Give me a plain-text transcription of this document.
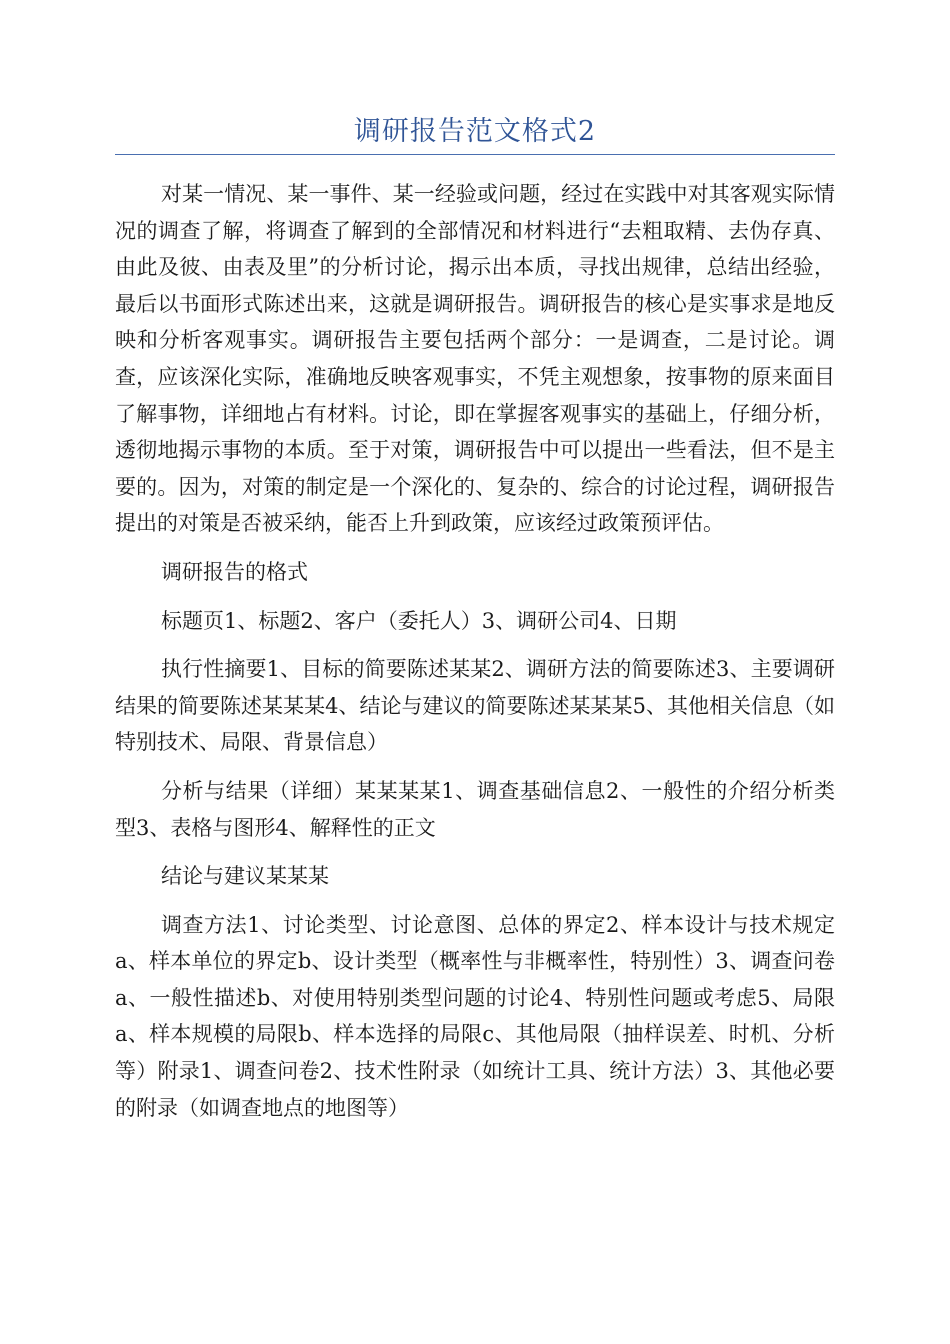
调研报告范文格式2

对某一情况、某一事件、某一经验或问题，经过在实践中对其客观实际情况的调查了解，将调查了解到的全部情况和材料进行“去粗取精、去伪存真、由此及彼、由表及里”的分析讨论，揭示出本质，寻找出规律，总结出经验，最后以书面形式陈述出来，这就是调研报告。调研报告的核心是实事求是地反映和分析客观事实。调研报告主要包括两个部分：一是调查，二是讨论。调查，应该深化实际，准确地反映客观事实，不凭主观想象，按事物的原来面目了解事物，详细地占有材料。讨论，即在掌握客观事实的基础上，仔细分析，透彻地揭示事物的本质。至于对策，调研报告中可以提出一些看法，但不是主要的。因为，对策的制定是一个深化的、复杂的、综合的讨论过程，调研报告提出的对策是否被采纳，能否上升到政策，应该经过政策预评估。

调研报告的格式

标题页1、标题2、客户（委托人）3、调研公司4、日期

执行性摘要1、目标的简要陈述某某2、调研方法的简要陈述3、主要调研结果的简要陈述某某某4、结论与建议的简要陈述某某某5、其他相关信息（如特别技术、局限、背景信息）

分析与结果（详细）某某某某1、调查基础信息2、一般性的介绍分析类型3、表格与图形4、解释性的正文

结论与建议某某某

调查方法1、讨论类型、讨论意图、总体的界定2、样本设计与技术规定a、样本单位的界定b、设计类型（概率性与非概率性，特别性）3、调查问卷a、一般性描述b、对使用特别类型问题的讨论4、特别性问题或考虑5、局限a、样本规模的局限b、样本选择的局限c、其他局限（抽样误差、时机、分析等）附录1、调查问卷2、技术性附录（如统计工具、统计方法）3、其他必要的附录（如调查地点的地图等）
